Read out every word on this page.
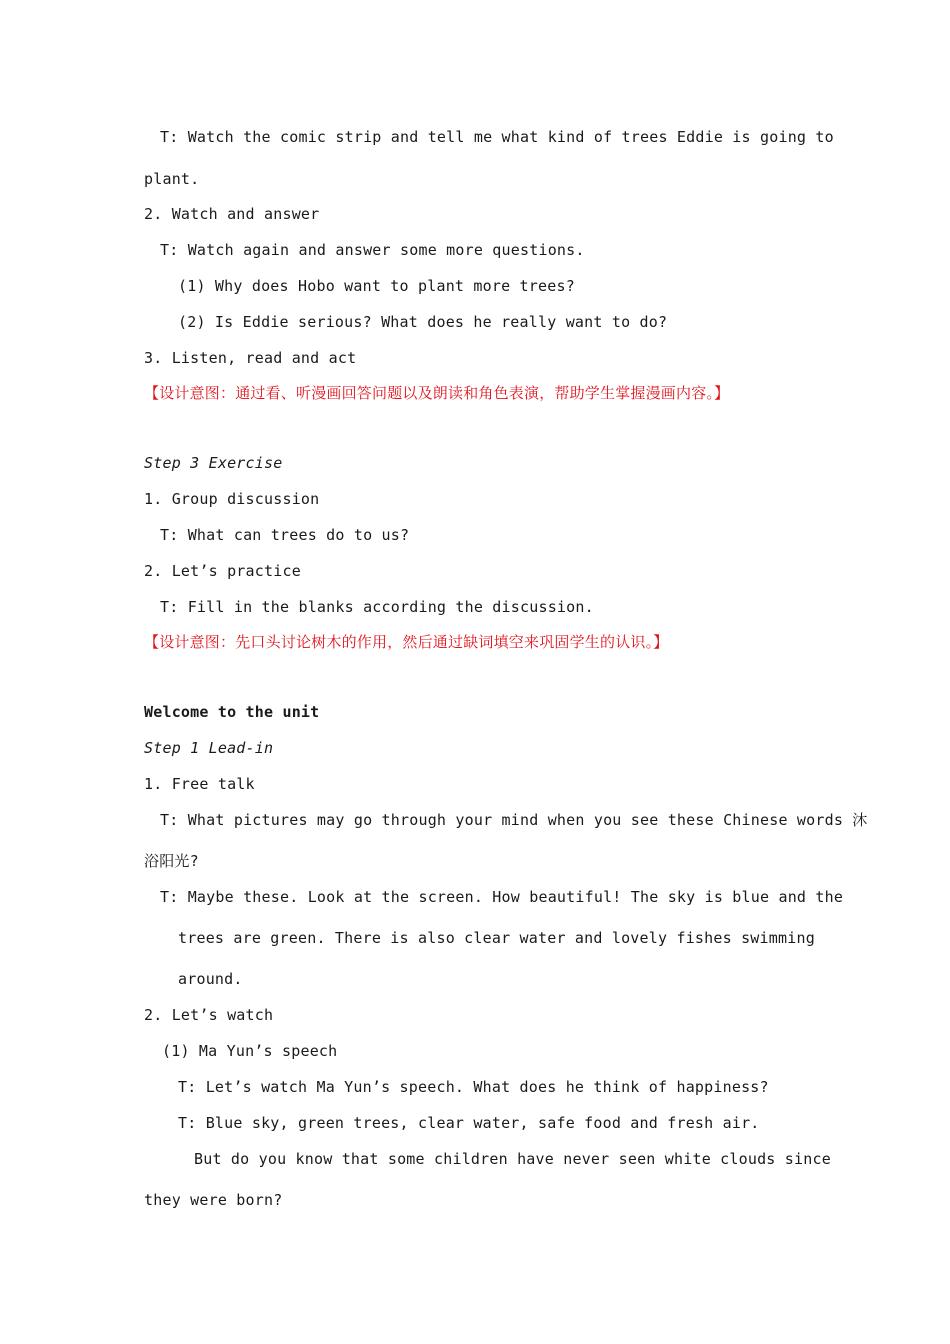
T: Watch the comic strip and tell me what kind of trees Eddie is going to
plant.
2. Watch and answer
T: Watch again and answer some more questions.
(1) Why does Hobo want to plant more trees?
(2) Is Eddie serious? What does he really want to do?
3. Listen, read and act
【设计意图：通过看、听漫画回答问题以及朗读和角色表演，帮助学生掌握漫画内容。】
Step 3 Exercise
1. Group discussion
T: What can trees do to us?
2. Let’s practice
T: Fill in the blanks according the discussion.
【设计意图：先口头讨论树木的作用，然后通过缺词填空来巩固学生的认识。】
Welcome to the unit
Step 1 Lead-in
1. Free talk
T: What pictures may go through your mind when you see these Chinese words 沐
浴阳光?
T: Maybe these. Look at the screen. How beautiful! The sky is blue and the
trees are green. There is also clear water and lovely fishes swimming
around.
2. Let’s watch
(1) Ma Yun’s speech
T: Let’s watch Ma Yun’s speech. What does he think of happiness?
T: Blue sky, green trees, clear water, safe food and fresh air.
But do you know that some children have never seen white clouds since
they were born?
